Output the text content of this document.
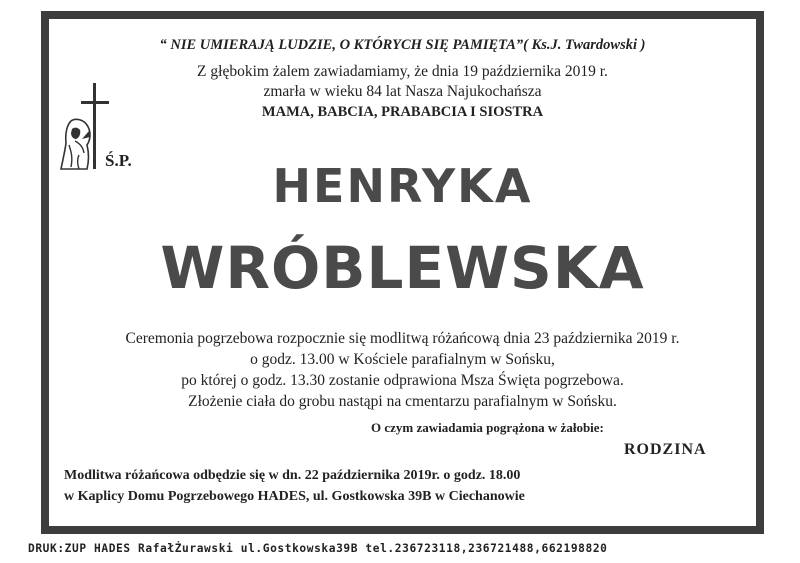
“ NIE UMIERAJĄ LUDZIE, O KTÓRYCH SIĘ PAMIĘTA”( Ks.J. Twardowski )
Z głębokim żalem zawiadamiamy, że dnia 19 października 2019 r.
zmarła w wieku 84 lat Nasza Najukochańsza
MAMA, BABCIA, PRABABCIA I SIOSTRA
Ś.P.	HENRYKA
WRÓBLEWSKA
Ceremonia pogrzebowa rozpocznie się modlitwą różańcową dnia 23 października 2019 r.
o godz. 13.00 w Kościele parafialnym w Sońsku,
po której o godz. 13.30 zostanie odprawiona Msza Święta pogrzebowa.
Złożenie ciała do grobu nastąpi na cmentarzu parafialnym w Sońsku.
O czym zawiadamia pogrążona w żałobie:
RODZINA
Modlitwa różańcowa odbędzie się w dn. 22 października 2019r. o godz. 18.00
w Kaplicy Domu Pogrzebowego HADES, ul. Gostkowska 39B w Ciechanowie
DRUK:ZUP HADES RafałŻurawski ul.Gostkowska39B tel.236723118,236721488,662198820
